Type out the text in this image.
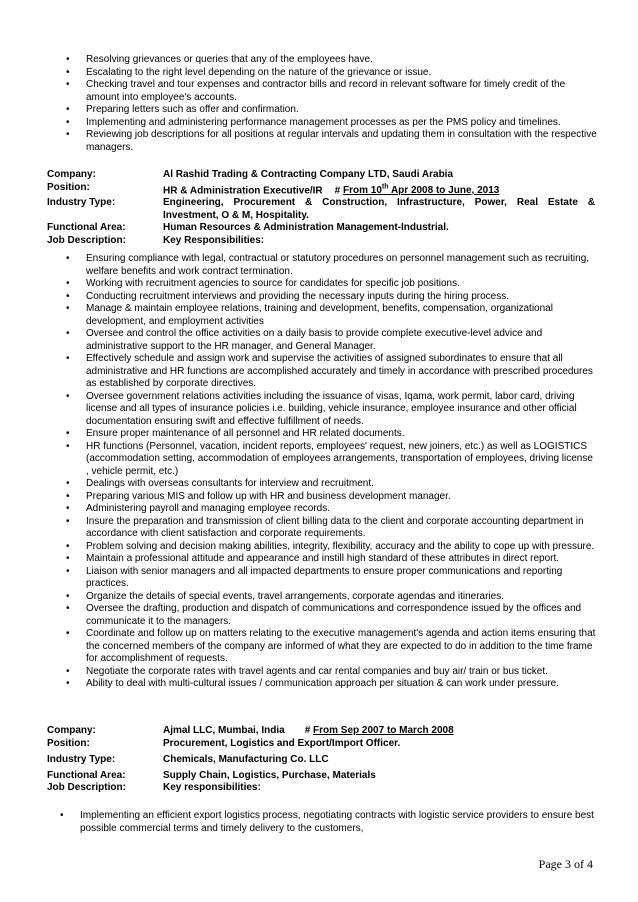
• Resolving grievances or queries that any of the employees have.
• Escalating to the right level depending on the nature of the grievance or issue.
• Checking travel and tour expenses and contractor bills and record in relevant software for timely credit of the amount into employee's accounts.
• Preparing letters such as offer and confirmation.
• Implementing and administering performance management processes as per the PMS policy and timelines.
• Reviewing job descriptions for all positions at regular intervals and updating them in consultation with the respective managers.
Company:	Al Rashid Trading & Contracting Company LTD, Saudi Arabia
Position:	HR & Administration Executive/IR # From 10th Apr 2008 to June, 2013
Industry Type:	Engineering, Procurement & Construction, Infrastructure, Power, Real Estate &
Investment, O & M, Hospitality.
Functional Area:	Human Resources & Administration Management-Industrial.
Job Description:	Key Responsibilities:
• Ensuring compliance with legal, contractual or statutory procedures on personnel management such as recruiting, welfare benefits and work contract termination.
• Working with recruitment agencies to source for candidates for specific job positions.
• Conducting recruitment interviews and providing the necessary inputs during the hiring process.
• Manage & maintain employee relations, training and development, benefits, compensation, organizational development, and employment activities
• Oversee and control the office activities on a daily basis to provide complete executive-level advice and administrative support to the HR manager, and General Manager.
• Effectively schedule and assign work and supervise the activities of assigned subordinates to ensure that all administrative and HR functions are accomplished accurately and timely in accordance with prescribed procedures as established by corporate directives.
• Oversee government relations activities including the issuance of visas, Iqama, work permit, labor card, driving license and all types of insurance policies i.e. building, vehicle insurance, employee insurance and other official documentation ensuring swift and effective fulfillment of needs.
• Ensure proper maintenance of all personnel and HR related documents.
• HR functions (Personnel, vacation, incident reports, employees' request, new joiners, etc.) as well as LOGISTICS (accommodation setting, accommodation of employees arrangements, transportation of employees, driving license , vehicle permit, etc.)
• Dealings with overseas consultants for interview and recruitment.
• Preparing various MIS and follow up with HR and business development manager.
• Administering payroll and managing employee records.
• Insure the preparation and transmission of client billing data to the client and corporate accounting department in accordance with client satisfaction and corporate requirements.
• Problem solving and decision making abilities, integrity, flexibility, accuracy and the ability to cope up with pressure.
• Maintain a professional attitude and appearance and instill high standard of these attributes in direct report.
• Liaison with senior managers and all impacted departments to ensure proper communications and reporting practices.
• Organize the details of special events, travel arrangements, corporate agendas and itineraries.
• Oversee the drafting, production and dispatch of communications and correspondence issued by the offices and communicate it to the managers.
• Coordinate and follow up on matters relating to the executive management's agenda and action items ensuring that the concerned members of the company are informed of what they are expected to do in addition to the time frame for accomplishment of requests.
• Negotiate the corporate rates with travel agents and car rental companies and buy air/ train or bus ticket.
• Ability to deal with multi-cultural issues / communication approach per situation & can work under pressure.
Company:	Ajmal LLC, Mumbai, India # From Sep 2007 to March 2008
Position:	Procurement, Logistics and Export/Import Officer.
Industry Type:	Chemicals, Manufacturing Co. LLC
Functional Area:	Supply Chain, Logistics, Purchase, Materials
Job Description:	Key responsibilities:
• Implementing an efficient export logistics process, negotiating contracts with logistic service providers to ensure best possible commercial terms and timely delivery to the customers,
Page 3 of 4
